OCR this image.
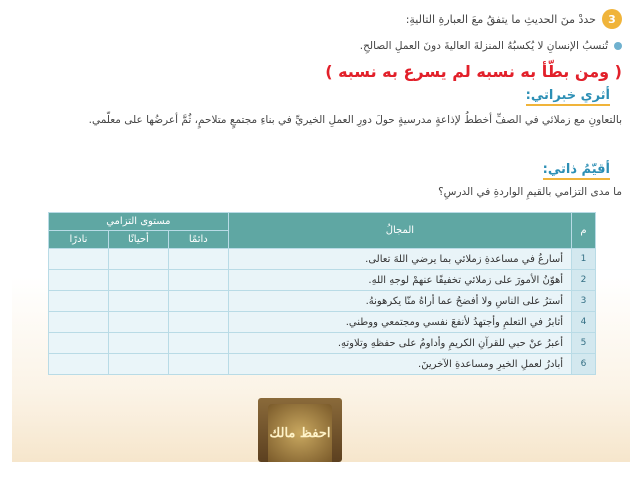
3
حددْ منَ الحديثِ ما يتفقُ معَ العبارةِ التاليةِ:
تُنسبُ الإنسانِ لا يُكسبُهُ المنزلةَ العاليةَ دونَ العملِ الصالحِ.
أثري خبراتي:
بالتعاونِ مع زملائي في الصفِّ أخططُ لإذاعةٍ مدرسيةٍ حولَ دورِ العملِ الخيريِّ في بناءِ مجتمعٍ متلاحمٍ، ثُمَّ أعرضُها على معلّمي.
أقيّمُ ذاتي:
ما مدى التزامي بالقيمِ الواردةِ في الدرسِ؟
( ومن بطّأ به نسبه لم يسرع به نسبه )
م	المجالُ	مستوى التزامي		
		دائمًا	أحيانًا	نادرًا
1	أسارعُ في مساعدةِ زملائي بما يرضي اللهَ تعالى.			
2	أهوّنُ الأمورَ على زملائي تخفيفًا عنهمْ لوجهِ اللهِ.			
3	أسترُ على الناسِ ولا أفضحُ عما أراهُ منّا يكرهونهُ.			
4	أثابرُ في التعلمِ وأجتهدُ لأنفعَ نفسي ومجتمعي ووطني.			
5	أعبرُ عنْ حبي للقرآنِ الكريمِ وأداومُ على حفظهِ وتلاوتهِ.			
6	أبادرُ لعملِ الخيرِ ومساعدةِ الآخرينَ.			
احفظ مالك
